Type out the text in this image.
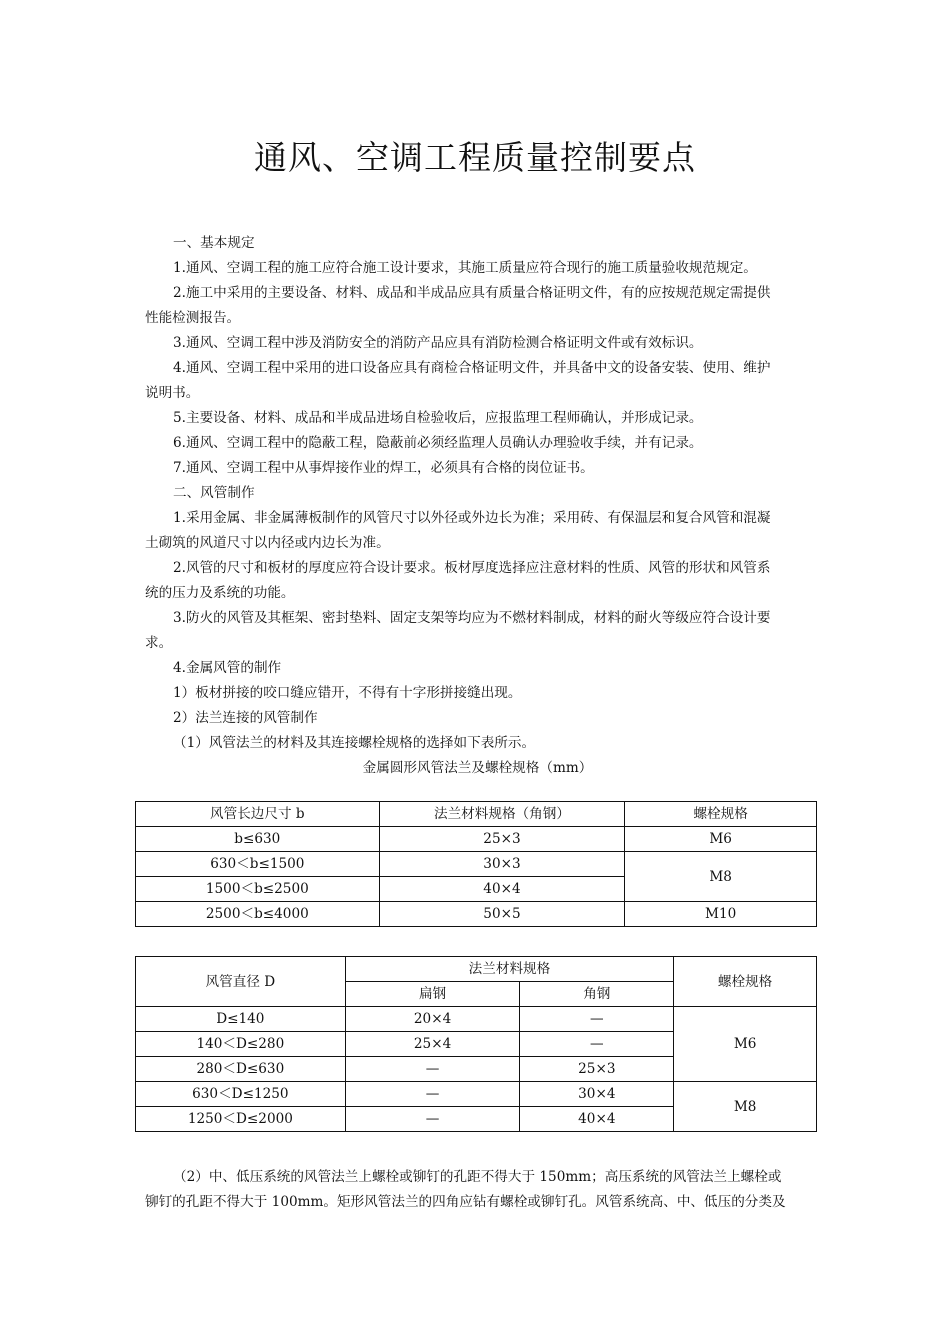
通风、空调工程质量控制要点

一、基本规定

1.通风、空调工程的施工应符合施工设计要求，其施工质量应符合现行的施工质量验收规范规定。

2.施工中采用的主要设备、材料、成品和半成品应具有质量合格证明文件，有的应按规范规定需提供

性能检测报告。

3.通风、空调工程中涉及消防安全的消防产品应具有消防检测合格证明文件或有效标识。

4.通风、空调工程中采用的进口设备应具有商检合格证明文件，并具备中文的设备安装、使用、维护

说明书。

5.主要设备、材料、成品和半成品进场自检验收后，应报监理工程师确认，并形成记录。

6.通风、空调工程中的隐蔽工程，隐蔽前必须经监理人员确认办理验收手续，并有记录。

7.通风、空调工程中从事焊接作业的焊工，必须具有合格的岗位证书。

二、风管制作

1.采用金属、非金属薄板制作的风管尺寸以外径或外边长为准；采用砖、有保温层和复合风管和混凝

土砌筑的风道尺寸以内径或内边长为准。

2.风管的尺寸和板材的厚度应符合设计要求。板材厚度选择应注意材料的性质、风管的形状和风管系

统的压力及系统的功能。

3.防火的风管及其框架、密封垫料、固定支架等均应为不燃材料制成，材料的耐火等级应符合设计要

求。

4.金属风管的制作

1）板材拼接的咬口缝应错开，不得有十字形拼接缝出现。

2）法兰连接的风管制作

（1）风管法兰的材料及其连接螺栓规格的选择如下表所示。

金属圆形风管法兰及螺栓规格（mm）

风管长边尺寸 b	法兰材料规格（角钢）	螺栓规格
b≤630	25×3	M6
630＜b≤1500	30×3	M8
1500＜b≤2500	40×4	
2500＜b≤4000	50×5	M10
风管直径 D	法兰材料规格		螺栓规格
	扁钢	角钢	
D≤140	20×4	—	M6
140＜D≤280	25×4	—	
280＜D≤630	—	25×3	
630＜D≤1250	—	30×4	M8
1250＜D≤2000	—	40×4	

（2）中、低压系统的风管法兰上螺栓或铆钉的孔距不得大于 150mm；高压系统的风管法兰上螺栓或

铆钉的孔距不得大于 100mm。矩形风管法兰的四角应钻有螺栓或铆钉孔。风管系统高、中、低压的分类及
